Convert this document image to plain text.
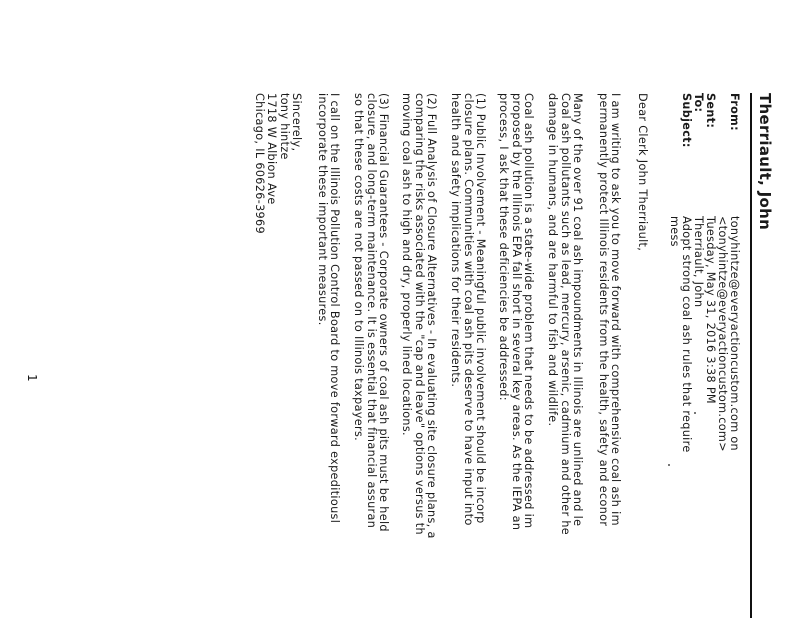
Therriault, John
From:
tonyhintze@everyactioncustom.com on
<tonyhintze@everyactioncustom.com>
Sent:
Tuesday, May 31, 2016 3:38 PM
To:
Therriault, John
Subject:
Adopt strong coal ash rules that require
mess
Dear Clerk John Therriault,
I am writing to ask you to move forward with comprehensive coal ash im
permanently protect Illinois residents from the health, safety and econor
Many of the over 91 coal ash impoundments in Illinois are unlined and le
Coal ash pollutants such as lead, mercury, arsenic, cadmium and other he
damage in humans, and are harmful to fish and wildlife.
Coal ash pollution is a state-wide problem that needs to be addressed im
proposed by the Illinois EPA fall short in several key areas. As the IEPA an
process, I ask that these deficiencies be addressed:
(1) Public Involvement - Meaningful public involvement should be incorp
closure plans. Communities with coal ash pits deserve to have input into
health and safety implications for their residents.
(2) Full Analysis of Closure Alternatives - In evaluating site closure plans, a
comparing the risks associated with the "cap and leave" options versus th
moving coal ash to high and dry, properly lined locations.
(3) Financial Guarantees - Corporate owners of coal ash pits must be held
closure, and long-term maintenance. It is essential that financial assuran
so that these costs are not passed on to Illinois taxpayers.
I call on the Illinois Pollution Control Board to move forward expeditiousl
incorporate these important measures.
Sincerely,
tony hintze
1718 W Albion Ave
Chicago, IL 60626-3969
1
